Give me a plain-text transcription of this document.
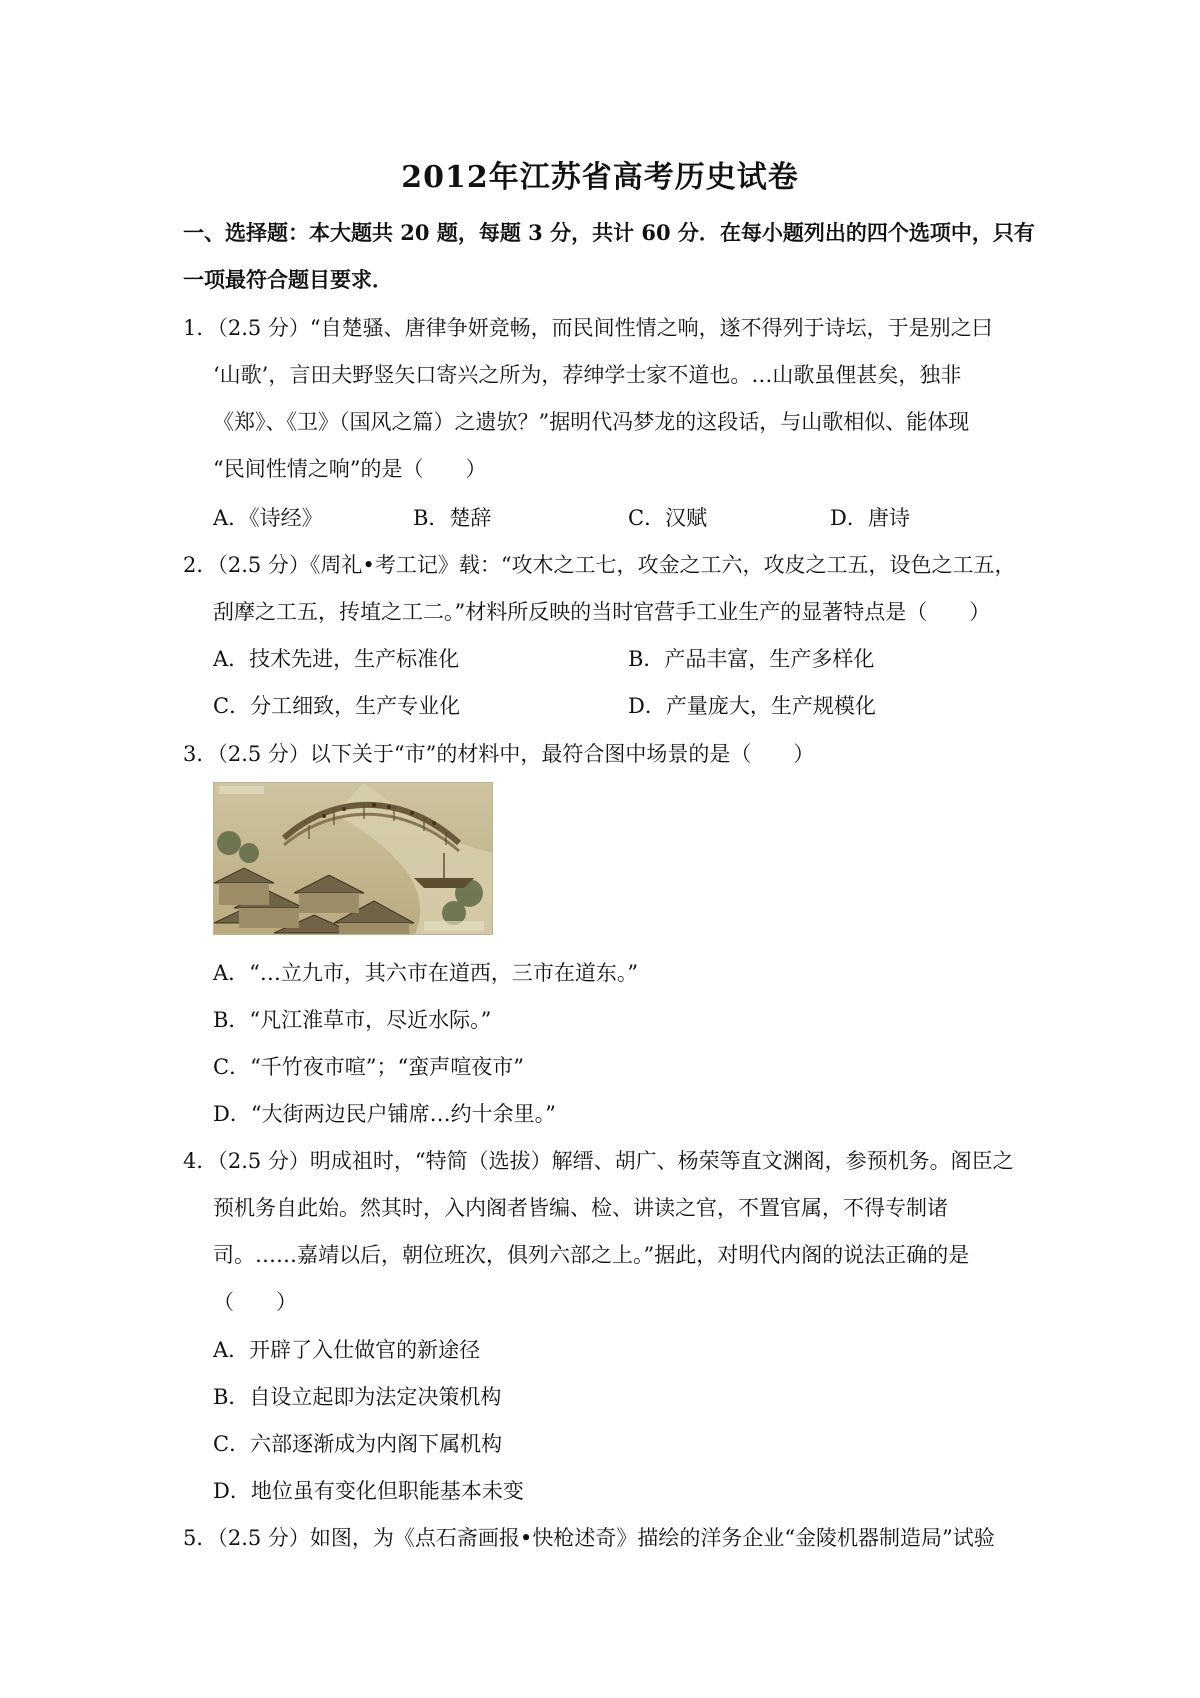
2012年江苏省高考历史试卷
一、选择题：本大题共 20 题，每题 3 分，共计 60 分．在每小题列出的四个选项中，只有
一项最符合题目要求．
1．（2.5 分）“自楚骚、唐律争妍竞畅，而民间性情之响，遂不得列于诗坛，于是别之曰
‘山歌’，言田夫野竖矢口寄兴之所为，荐绅学士家不道也。…山歌虽俚甚矣，独非
《郑》、《卫》（国风之篇）之遗欤？”据明代冯梦龙的这段话，与山歌相似、能体现
“民间性情之响”的是（　　）
A．《诗经》	B．楚辞	C．汉赋	D．唐诗
2．（2.5 分）《周礼•考工记》载：“攻木之工七，攻金之工六，攻皮之工五，设色之工五，
刮摩之工五，抟埴之工二。”材料所反映的当时官营手工业生产的显著特点是（　　）
A．技术先进，生产标准化	B．产品丰富，生产多样化
C．分工细致，生产专业化	D．产量庞大，生产规模化
3．（2.5 分）以下关于“市”的材料中，最符合图中场景的是（　　）
A．“…立九市，其六市在道西，三市在道东。”
B．“凡江淮草市，尽近水际。”
C．“千竹夜市喧”；“蛮声喧夜市”
D．“大街两边民户铺席…约十余里。”
4．（2.5 分）明成祖时，“特简（选拔）解缙、胡广、杨荣等直文渊阁，参预机务。阁臣之
预机务自此始。然其时，入内阁者皆编、检、讲读之官，不置官属，不得专制诸
司。……嘉靖以后，朝位班次，俱列六部之上。”据此，对明代内阁的说法正确的是
（　　）
A．开辟了入仕做官的新途径
B．自设立起即为法定决策机构
C．六部逐渐成为内阁下属机构
D．地位虽有变化但职能基本未变
5．（2.5 分）如图，为《点石斋画报•快枪述奇》描绘的洋务企业“金陵机器制造局”试验
